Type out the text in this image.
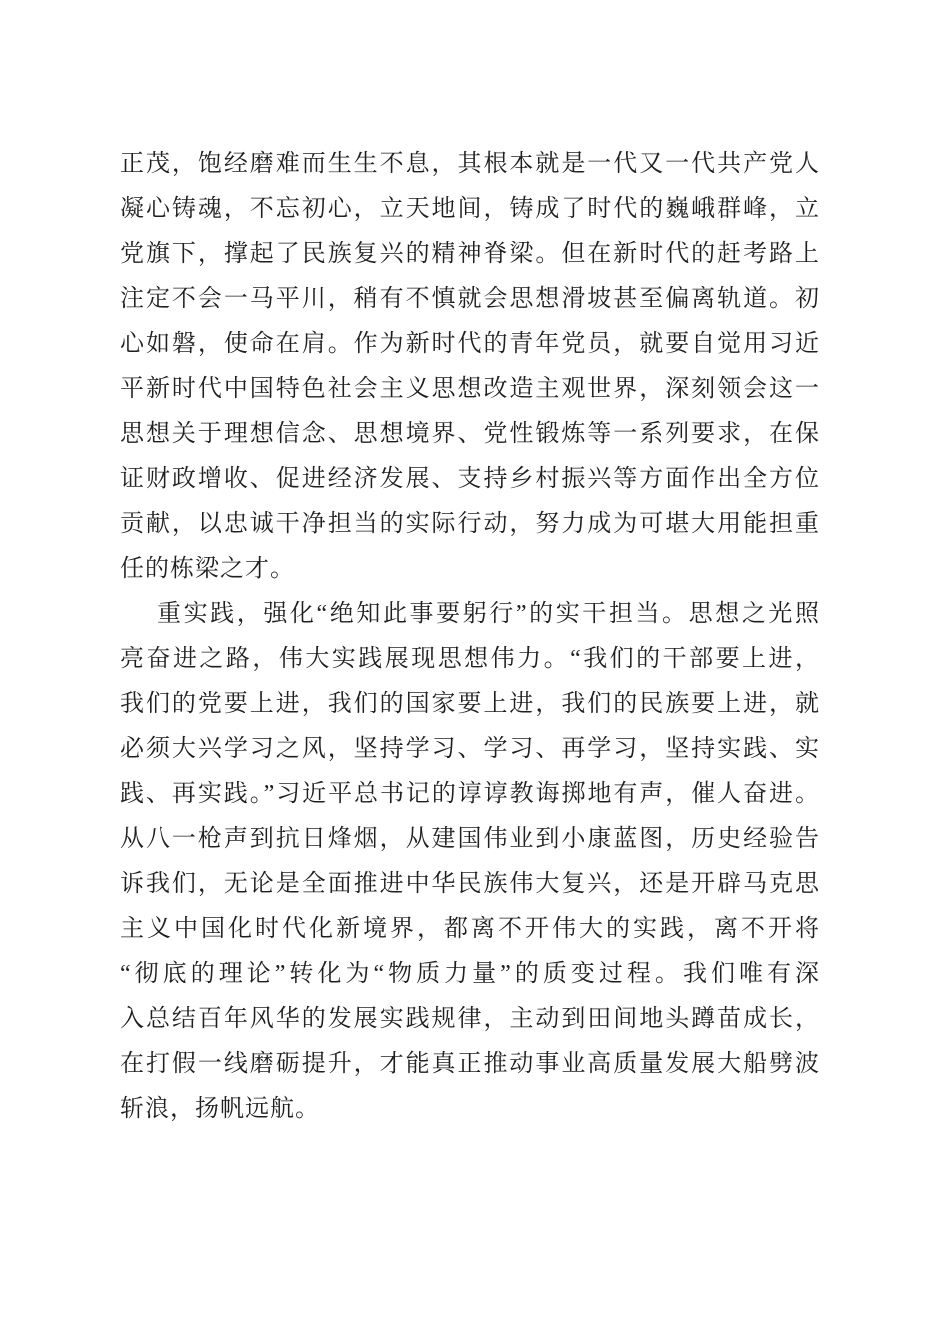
正茂，饱经磨难而生生不息，其根本就是一代又一代共产党人
凝心铸魂，不忘初心，立天地间，铸成了时代的巍峨群峰，立
党旗下，撑起了民族复兴的精神脊梁。但在新时代的赶考路上
注定不会一马平川，稍有不慎就会思想滑坡甚至偏离轨道。初
心如磐，使命在肩。作为新时代的青年党员，就要自觉用习近
平新时代中国特色社会主义思想改造主观世界，深刻领会这一
思想关于理想信念、思想境界、党性锻炼等一系列要求，在保
证财政增收、促进经济发展、支持乡村振兴等方面作出全方位
贡献，以忠诚干净担当的实际行动，努力成为可堪大用能担重
任的栋梁之才。
重实践，强化“绝知此事要躬行”的实干担当。思想之光照
亮奋进之路，伟大实践展现思想伟力。“我们的干部要上进，
我们的党要上进，我们的国家要上进，我们的民族要上进，就
必须大兴学习之风，坚持学习、学习、再学习，坚持实践、实
践、再实践。”习近平总书记的谆谆教诲掷地有声，催人奋进。
从八一枪声到抗日烽烟，从建国伟业到小康蓝图，历史经验告
诉我们，无论是全面推进中华民族伟大复兴，还是开辟马克思
主义中国化时代化新境界，都离不开伟大的实践，离不开将
“彻底的理论”转化为“物质力量”的质变过程。我们唯有深
入总结百年风华的发展实践规律，主动到田间地头蹲苗成长，
在打假一线磨砺提升，才能真正推动事业高质量发展大船劈波
斩浪，扬帆远航。
